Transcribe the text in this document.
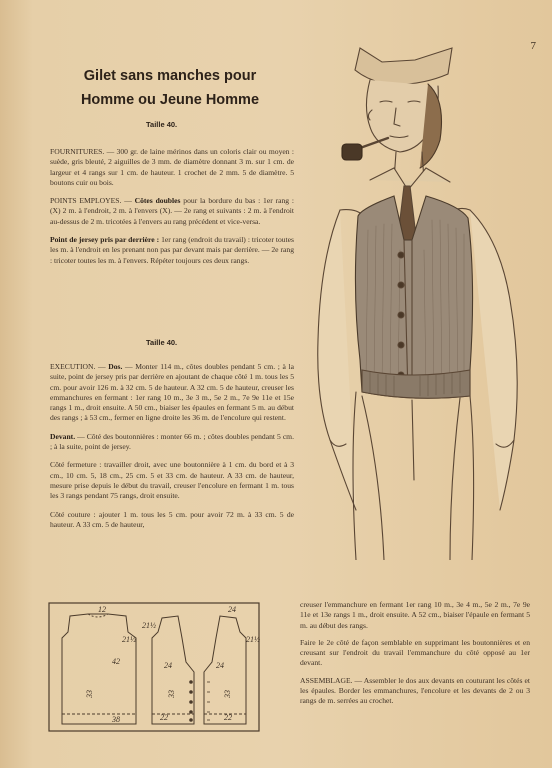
7
Gilet sans manches pour
Homme ou Jeune Homme
Taille 40.

FOURNITURES. — 300 gr. de laine mérinos dans un coloris clair ou moyen : suède, gris bleuté, 2 aiguilles de 3 mm. de diamètre donnant 3 m. sur 1 cm. de largeur et 4 rangs sur 1 cm. de hauteur. 1 crochet de 2 mm. 5 de diamètre. 5 boutons cuir ou bois.

POINTS EMPLOYES. — Côtes doubles pour la bordure du bas : 1er rang : (X) 2 m. à l'endroit, 2 m. à l'envers (X). — 2e rang et suivants : 2 m. à l'endroit au-dessus de 2 m. tricotées à l'envers au rang précédent et vice-versa.

Point de jersey pris par derrière : 1er rang (endroit du travail) : tricoter toutes les m. à l'endroit en les prenant non pas par devant mais par derrière. — 2e rang : tricoter toutes les m. à l'envers. Répéter toujours ces deux rangs.

Taille 40.

EXECUTION. — Dos. — Monter 114 m., côtes doubles pendant 5 cm. ; à la suite, point de jersey pris par derrière en ajoutant de chaque côté 1 m. tous les 5 cm. pour avoir 126 m. à 32 cm. 5 de hauteur. A 32 cm. 5 de hauteur, creuser les emmanchures en fermant : 1er rang 10 m., 3e 3 m., 5e 2 m., 7e 9e 11e et 15e rangs 1 m., droit ensuite. A 50 cm., biaiser les épaules en fermant 5 m. au début des rangs ; à 53 cm., fermer en ligne droite les 36 m. de l'encolure qui restent.

Devant. — Côté des boutonnières : monter 66 m. ; côtes doubles pendant 5 cm. ; à la suite, point de jersey.

Côté fermeture : travailler droit, avec une boutonnière à 1 cm. du bord et à 3 cm., 10 cm. 5, 18 cm., 25 cm. 5 et 33 cm. de hauteur. A 33 cm. de hauteur, mesure prise depuis le début du travail, creuser l'encolure en fermant 1 m. tous les 3 rangs pendant 75 rangs, droit ensuite.

Côté couture : ajouter 1 m. tous les 5 cm. pour avoir 72 m. à 33 cm. 5 de hauteur. A 33 cm. 5 de hauteur,

12
21½
42
33
38
21½
24
22
33
24
22
33
21½
24

creuser l'emmanchure en fermant 1er rang 10 m., 3e 4 m., 5e 2 m., 7e 9e 11e et 13e rangs 1 m., droit ensuite. A 52 cm., biaiser l'épaule en fermant 5 m. au début des rangs.

Faire le 2e côté de façon semblable en supprimant les boutonnières et en creusant sur l'endroit du travail l'emmanchure du côté opposé au 1er devant.

ASSEMBLAGE. — Assembler le dos aux devants en couturant les côtés et les épaules. Border les emmanchures, l'encolure et les devants de 2 ou 3 rangs de m. serrées au crochet.
